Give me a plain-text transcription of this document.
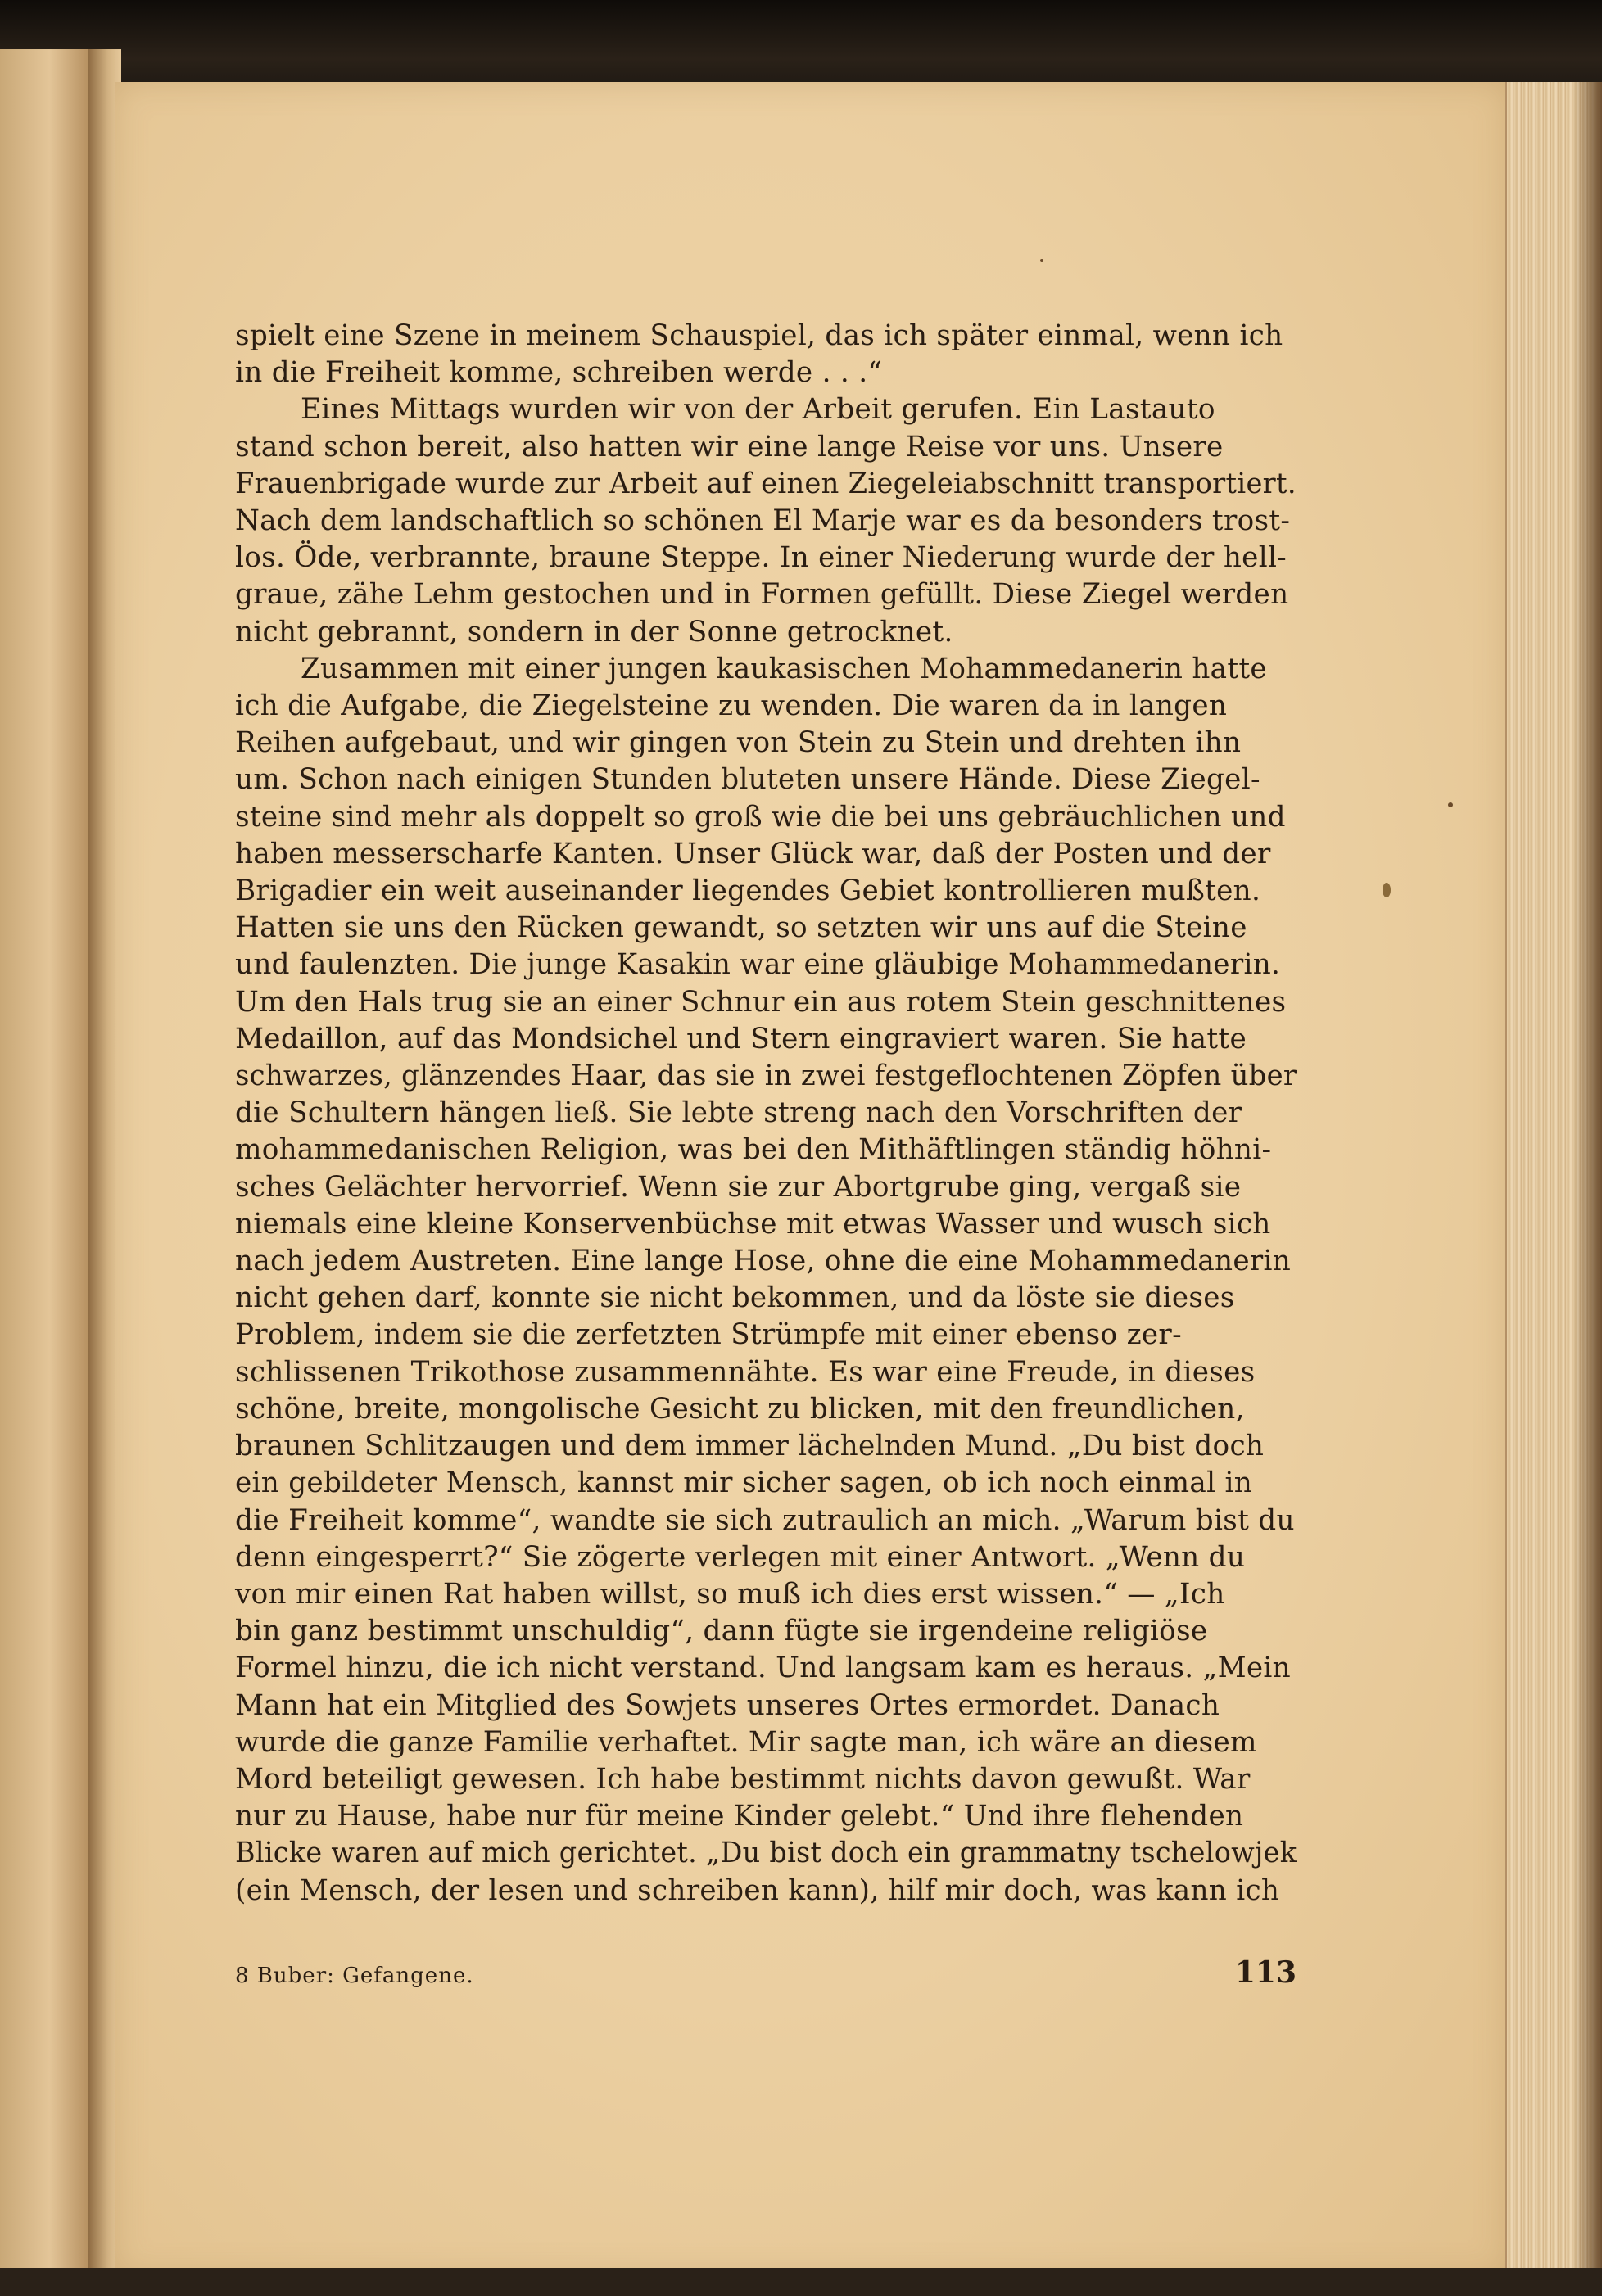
spielt eine Szene in meinem Schauspiel, das ich später einmal, wenn ich
in die Freiheit komme, schreiben werde . . .“

Eines Mittags wurden wir von der Arbeit gerufen. Ein Lastauto

stand schon bereit, also hatten wir eine lange Reise vor uns. Unsere
Frauenbrigade wurde zur Arbeit auf einen Ziegeleiabschnitt transportiert.
Nach dem landschaftlich so schönen El Marje war es da besonders trost-
los. Öde, verbrannte, braune Steppe. In einer Niederung wurde der hell-
graue, zähe Lehm gestochen und in Formen gefüllt. Diese Ziegel werden
nicht gebrannt, sondern in der Sonne getrocknet.

Zusammen mit einer jungen kaukasischen Mohammedanerin hatte

ich die Aufgabe, die Ziegelsteine zu wenden. Die waren da in langen
Reihen aufgebaut, und wir gingen von Stein zu Stein und drehten ihn
um. Schon nach einigen Stunden bluteten unsere Hände. Diese Ziegel-
steine sind mehr als doppelt so groß wie die bei uns gebräuchlichen und
haben messerscharfe Kanten. Unser Glück war, daß der Posten und der
Brigadier ein weit auseinander liegendes Gebiet kontrollieren mußten.
Hatten sie uns den Rücken gewandt, so setzten wir uns auf die Steine
und faulenzten. Die junge Kasakin war eine gläubige Mohammedanerin.
Um den Hals trug sie an einer Schnur ein aus rotem Stein geschnittenes
Medaillon, auf das Mondsichel und Stern eingraviert waren. Sie hatte
schwarzes, glänzendes Haar, das sie in zwei festgeflochtenen Zöpfen über
die Schultern hängen ließ. Sie lebte streng nach den Vorschriften der
mohammedanischen Religion, was bei den Mithäftlingen ständig höhni-
sches Gelächter hervorrief. Wenn sie zur Abortgrube ging, vergaß sie
niemals eine kleine Konservenbüchse mit etwas Wasser und wusch sich
nach jedem Austreten. Eine lange Hose, ohne die eine Mohammedanerin
nicht gehen darf, konnte sie nicht bekommen, und da löste sie dieses
Problem, indem sie die zerfetzten Strümpfe mit einer ebenso zer-
schlissenen Trikothose zusammennähte. Es war eine Freude, in dieses
schöne, breite, mongolische Gesicht zu blicken, mit den freundlichen,
braunen Schlitzaugen und dem immer lächelnden Mund. „Du bist doch
ein gebildeter Mensch, kannst mir sicher sagen, ob ich noch einmal in
die Freiheit komme“, wandte sie sich zutraulich an mich. „Warum bist du
denn eingesperrt?“ Sie zögerte verlegen mit einer Antwort. „Wenn du
von mir einen Rat haben willst, so muß ich dies erst wissen.“ — „Ich
bin ganz bestimmt unschuldig“, dann fügte sie irgendeine religiöse
Formel hinzu, die ich nicht verstand. Und langsam kam es heraus. „Mein
Mann hat ein Mitglied des Sowjets unseres Ortes ermordet. Danach
wurde die ganze Familie verhaftet. Mir sagte man, ich wäre an diesem
Mord beteiligt gewesen. Ich habe bestimmt nichts davon gewußt. War
nur zu Hause, habe nur für meine Kinder gelebt.“ Und ihre flehenden
Blicke waren auf mich gerichtet. „Du bist doch ein grammatny tschelowjek
(ein Mensch, der lesen und schreiben kann), hilf mir doch, was kann ich

8 Buber: Gefangene.	113
